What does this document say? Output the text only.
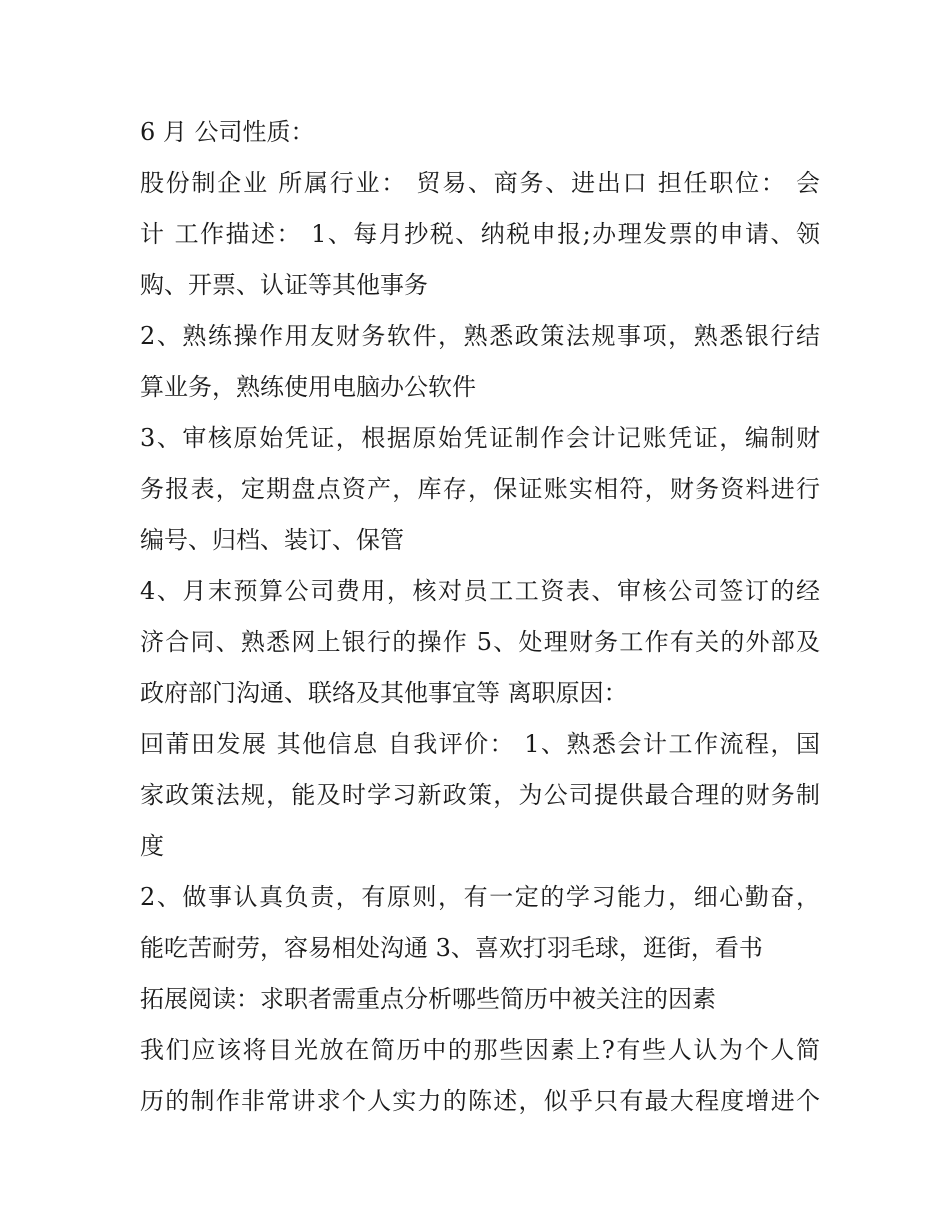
6 月 公司性质：
股份制企业 所属行业： 贸易、商务、进出口 担任职位： 会
计 工作描述： 1、每月抄税、纳税申报;办理发票的申请、领
购、开票、认证等其他事务
2、熟练操作用友财务软件，熟悉政策法规事项，熟悉银行结
算业务，熟练使用电脑办公软件
3、审核原始凭证，根据原始凭证制作会计记账凭证，编制财
务报表，定期盘点资产，库存，保证账实相符，财务资料进行
编号、归档、装订、保管
4、月末预算公司费用，核对员工工资表、审核公司签订的经
济合同、熟悉网上银行的操作 5、处理财务工作有关的外部及
政府部门沟通、联络及其他事宜等 离职原因：
回莆田发展 其他信息 自我评价： 1、熟悉会计工作流程，国
家政策法规，能及时学习新政策，为公司提供最合理的财务制
度
2、做事认真负责，有原则，有一定的学习能力，细心勤奋，
能吃苦耐劳，容易相处沟通 3、喜欢打羽毛球，逛街，看书
拓展阅读：求职者需重点分析哪些简历中被关注的因素
我们应该将目光放在简历中的那些因素上?有些人认为个人简
历的制作非常讲求个人实力的陈述，似乎只有最大程度增进个
